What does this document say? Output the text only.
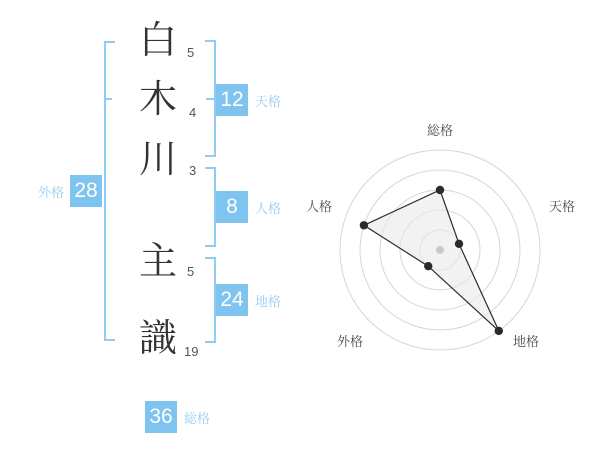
白
木
川
主
識
5
4
3
5
19
外格 28
12 天格
8	人格
24 地格
36 総格
総格
天格
地格
外格
人格
